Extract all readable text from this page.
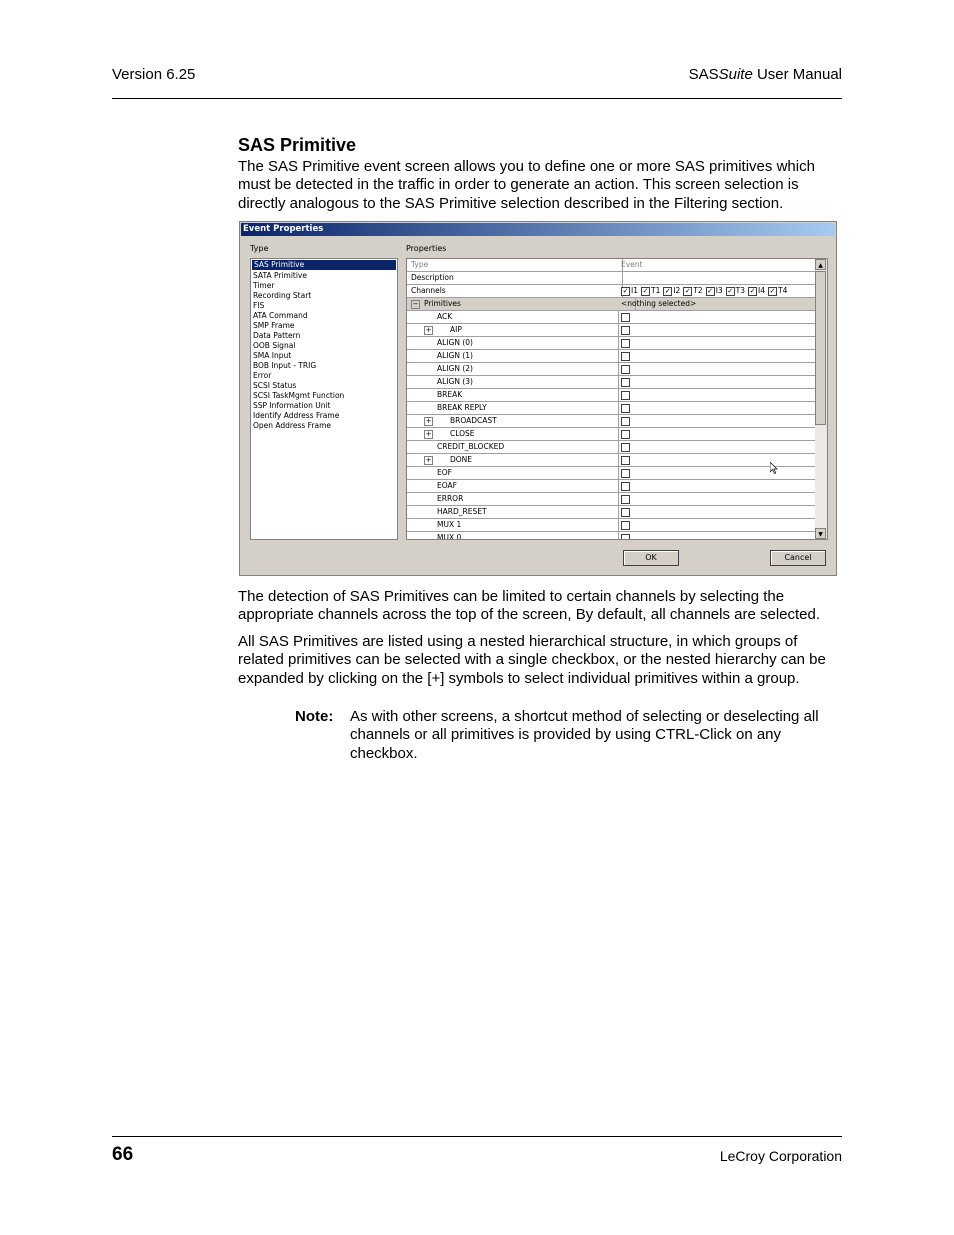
Version 6.25	SASSuite User Manual
SAS Primitive
The SAS Primitive event screen allows you to define one or more SAS primitives which must be detected in the traffic in order to generate an action. This screen selection is directly analogous to the SAS Primitive selection described in the Filtering section.
Event Properties
Type	Properties
SAS Primitive
SATA Primitive
Timer
Recording Start
FIS
ATA Command
SMP Frame
Data Pattern
OOB Signal
SMA Input
BOB Input - TRIG
Error
SCSI Status
SCSI TaskMgmt Function
SSP Information Unit
Identify Address Frame
Open Address Frame
Type	Event
Description
Channels	✓ I1 ✓ T1 ✓ I2 ✓ T2 ✓ I3 ✓ T3 ✓ I4 ✓ T4
− Primitives	<nothing selected>
ACK
+ AIP
ALIGN (0)
ALIGN (1)
ALIGN (2)
ALIGN (3)
BREAK
BREAK REPLY
+ BROADCAST
+ CLOSE
CREDIT_BLOCKED
+ DONE
EOF
EOAF
ERROR
HARD_RESET
MUX 1
MUX 0
▲
▼
OK	Cancel
The detection of SAS Primitives can be limited to certain channels by selecting the appropriate channels across the top of the screen, By default, all channels are selected.
All SAS Primitives are listed using a nested hierarchical structure, in which groups of related primitives can be selected with a single checkbox, or the nested hierarchy can be expanded by clicking on the [+] symbols to select individual primitives within a group.
Note: As with other screens, a shortcut method of selecting or deselecting all channels or all primitives is provided by using CTRL-Click on any checkbox.
66	LeCroy Corporation
